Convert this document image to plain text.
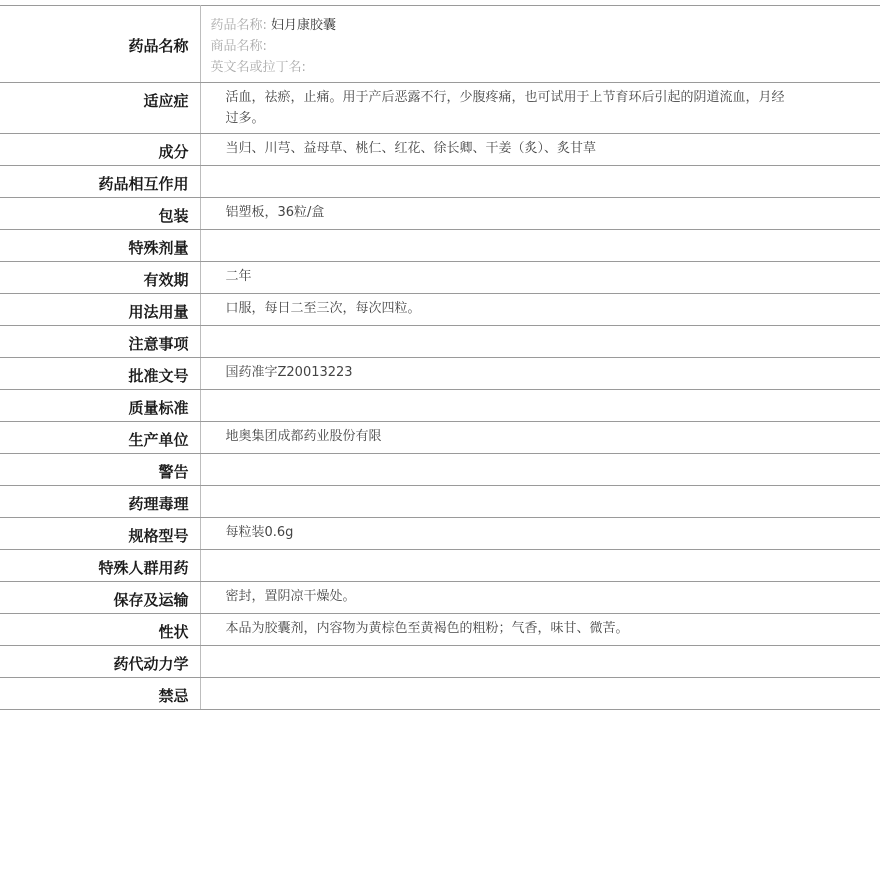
药品名称	药品名称: 妇月康胶囊
商品名称:
英文名或拉丁名:

适应症	活血，祛瘀，止痛。用于产后恶露不行，少腹疼痛，也可试用于上节育环后引起的阴道流血，月经过多。
成分	当归、川芎、益母草、桃仁、红花、徐长卿、干姜（炙）、炙甘草
药品相互作用	
包装	铝塑板，36粒/盒
特殊剂量	
有效期	二年
用法用量	口服，每日二至三次，每次四粒。
注意事项	
批准文号	国药准字Z20013223
质量标准	
生产单位	地奥集团成都药业股份有限
警告	
药理毒理	
规格型号	每粒装0.6g
特殊人群用药	
保存及运输	密封，置阴凉干燥处。
性状	本品为胶囊剂，内容物为黄棕色至黄褐色的粗粉；气香，味甘、微苦。
药代动力学	
禁忌	
